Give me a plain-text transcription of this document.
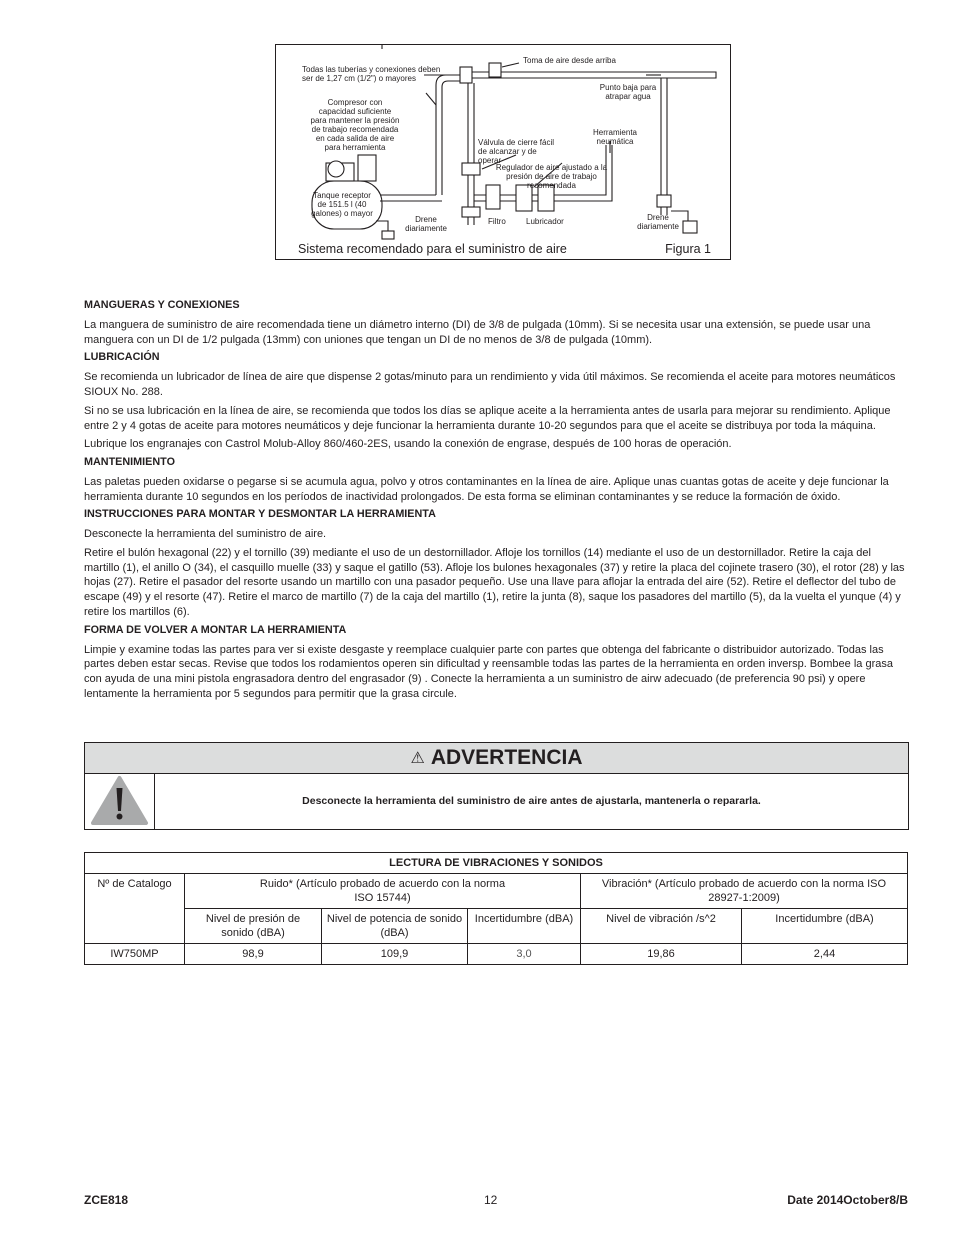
Todas las tuberías y conexiones deben ser de 1,27 cm (1/2") o mayores
Compresor con capacidad suficiente para mantener la presión de trabajo recomendada en cada salida de aire para herramienta
Toma de aire desde arriba
Punto baja para atrapar agua
Válvula de cierre fácil de alcanzar y de operar
Herramienta neumática
Regulador de aire ajustado a la presión de aire de trabajo recomendada
Tanque receptor de 151.5 l (40 galones) o mayor
Drene diariamente
Filtro	Lubricador	Drene diariamente
Sistema recomendado para el suministro de aire	Figura 1
MANGUERAS Y CONEXIONES

La manguera de suministro de aire recomendada tiene un diámetro interno (DI) de 3/8 de pulgada (10mm). Si se necesita usar una extensión, se puede usar una manguera con un DI de 1/2 pulgada (13mm) con uniones que tengan un DI de no menos de 3/8 de pulgada (10mm).

LUBRICACIÓN

Se recomienda un lubricador de línea de aire que dispense 2 gotas/minuto para un rendimiento y vida útil máximos. Se recomienda el aceite para motores neumáticos SIOUX No. 288.

Si no se usa lubricación en la línea de aire, se recomienda que todos los días se aplique aceite a la herramienta antes de usarla para mejorar su rendimiento. Aplique entre 2 y 4 gotas de aceite para motores neumáticos y deje funcionar la herramienta durante 10-20 segundos para que el aceite se distribuya por toda la máquina.

Lubrique los engranajes con Castrol Molub-Alloy 860/460-2ES, usando la conexión de engrase, después de 100 horas de operación.

MANTENIMIENTO

Las paletas pueden oxidarse o pegarse si se acumula agua, polvo y otros contaminantes en la línea de aire. Aplique unas cuantas gotas de aceite y deje funcionar la herramienta durante 10 segundos en los períodos de inactividad prolongados. De esta forma se eliminan contaminantes y se reduce la formación de óxido.

INSTRUCCIONES PARA MONTAR Y DESMONTAR LA HERRAMIENTA

Desconecte la herramienta del suministro de aire.

Retire el bulón hexagonal (22) y el tornillo (39) mediante el uso de un destornillador. Afloje los tornillos (14) mediante el uso de un destornillador. Retire la caja del martillo (1), el anillo O (34), el casquillo muelle (33) y saque el gatillo (53). Afloje los bulones hexagonales (37) y retire la placa del cojinete trasero (30), el rotor (28) y las hojas (27). Retire el pasador del resorte usando un martillo con una pasador pequeño. Use una llave para aflojar la entrada del aire (52). Retire el deflector del tubo de escape (49) y el resorte (47). Retire el marco de martillo (7) de la caja del martillo (1), retire la junta (8), saque los pasadores del martillo (5), da la vuelta el yunque (4) y retire los martillos (6).

FORMA DE VOLVER A MONTAR LA HERRAMIENTA

Limpie y examine todas las partes para ver si existe desgaste y reemplace cualquier parte con partes que obtenga del fabricante o distribuidor autorizado. Todas las partes deben estar secas. Revise que todos los rodamientos operen sin dificultad y reensamble todas las partes de la herramienta en orden inversp. Bombee la grasa con ayuda de una mini pistola engrasadora dentro del engrasador (9) . Conecte la herramienta a un suministro de airw adecuado (de preferencia 90 psi) y opere lentamente la herramienta por 5 segundos para permitir que la grasa circule.

⚠ ADVERTENCIA
Desconecte la herramienta del suministro de aire antes de ajustarla, mantenerla o repararla.
LECTURA DE VIBRACIONES Y SONIDOS					
Nº de Catalogo	Ruido* (Artículo probado de acuerdo con la norma ISO 15744)			Vibración* (Artículo probado de acuerdo con la norma ISO 28927-1:2009)	

	Nivel de presión de sonido (dBA)	Nivel de potencia de sonido (dBA)	Incertidumbre (dBA)	Nivel de vibración /s^2	Incertidumbre (dBA)
IW750MP	98,9	109,9	3,0	19,86	2,44
ZCE818	12	Date 2014October8/B
